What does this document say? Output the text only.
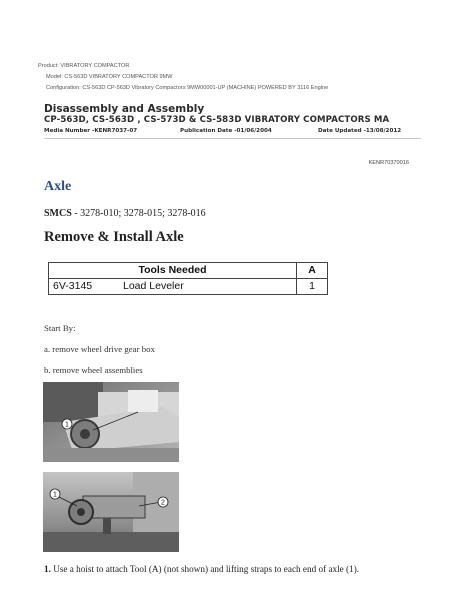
Product: VIBRATORY COMPACTOR
Model: CS-563D VIBRATORY COMPACTOR 9MW
Configuration: CS-563D CP-563D Vibratory Compactors 9MW00001-UP (MACHINE) POWERED BY 3116 Engine
Disassembly and Assembly
CP-563D, CS-563D , CS-573D & CS-583D VIBRATORY COMPACTORS MA
Media Number -KENR7037-07	Publication Date -01/06/2004	Date Updated -13/08/2012
KENR70370016
Axle
SMCS - 3278-010; 3278-015; 3278-016
Remove & Install Axle
Tools Needed		A
6V-3145	Load Leveler	1
Start By:
a. remove wheel drive gear box
b. remove wheel assemblies
1
1
2
1. Use a hoist to attach Tool (A) (not shown) and lifting straps to each end of axle (1).
